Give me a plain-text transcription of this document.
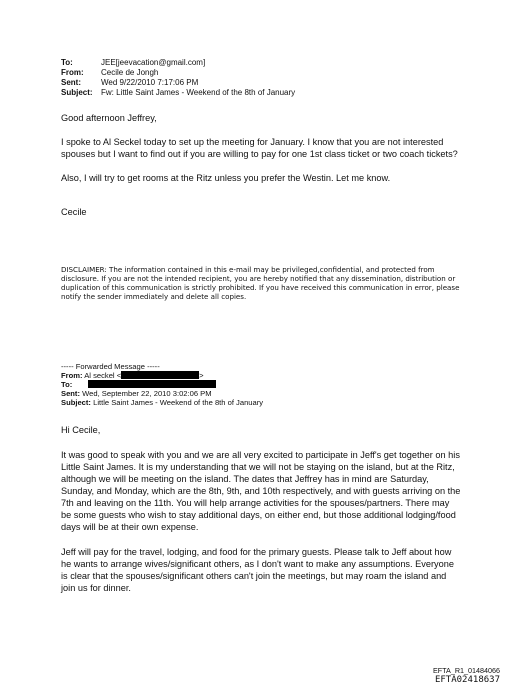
To:	JEE[jeevacation@gmail.com]
From:	Cecile de Jongh
Sent:	Wed 9/22/2010 7:17:06 PM
Subject:	Fw: Little Saint James - Weekend of the 8th of January

Good afternoon Jeffrey,

I spoke to Al Seckel today to set up the meeting for January. I know that you are not interested spouses but I want to find out if you are willing to pay for one 1st class ticket or two coach tickets?

Also, I will try to get rooms at the Ritz unless you prefer the Westin. Let me know.

Cecile

DISCLAIMER: The information contained in this e-mail may be privileged,confidential, and protected from disclosure. If you are not the intended recipient, you are hereby notified that any dissemination, distribution or duplication of this communication is strictly prohibited. If you have received this communication in error, please notify the sender immediately and delete all copies.
----- Forwarded Message -----
From: Al seckel <	>
To:
Sent: Wed, September 22, 2010 3:02:06 PM
Subject: Little Saint James - Weekend of the 8th of January

Hi Cecile,

It was good to speak with you and we are all very excited to participate in Jeff's get together on his Little Saint James. It is my understanding that we will not be staying on the island, but at the Ritz, although we will be meeting on the island. The dates that Jeffrey has in mind are Saturday, Sunday, and Monday, which are the 8th, 9th, and 10th respectively, and with guests arriving on the 7th and leaving on the 11th. You will help arrange activities for the spouses/partners. There may be some guests who wish to stay additional days, on either end, but those additional lodging/food days will be at their own expense.

Jeff will pay for the travel, lodging, and food for the primary guests. Please talk to Jeff about how he wants to arrange wives/significant others, as I don't want to make any assumptions. Everyone is clear that the spouses/significant others can't join the meetings, but may roam the island and join us for dinner.

EFTA_R1_01484066
EFTA02418637
